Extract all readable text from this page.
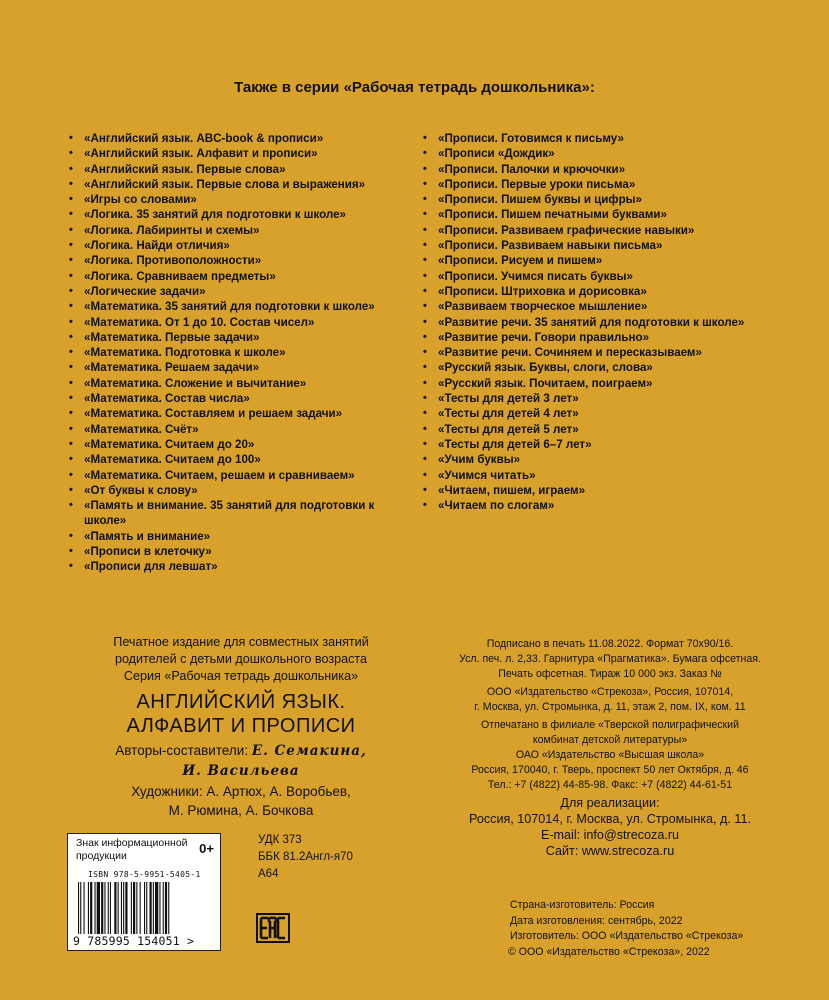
Также в серии «Рабочая тетрадь дошкольника»:
• «Английский язык. ABC-book & прописи»
• «Английский язык. Алфавит и прописи»
• «Английский язык. Первые слова»
• «Английский язык. Первые слова и выражения»
• «Игры со словами»
• «Логика. 35 занятий для подготовки к школе»
• «Логика. Лабиринты и схемы»
• «Логика. Найди отличия»
• «Логика. Противоположности»
• «Логика. Сравниваем предметы»
• «Логические задачи»
• «Математика. 35 занятий для подготовки к школе»
• «Математика. От 1 до 10. Состав чисел»
• «Математика. Первые задачи»
• «Математика. Подготовка к школе»
• «Математика. Решаем задачи»
• «Математика. Сложение и вычитание»
• «Математика. Состав числа»
• «Математика. Составляем и решаем задачи»
• «Математика. Счёт»
• «Математика. Считаем до 20»
• «Математика. Считаем до 100»
• «Математика. Считаем, решаем и сравниваем»
• «От буквы к слову»
• «Память и внимание. 35 занятий для подготовки к школе»
• «Память и внимание»
• «Прописи в клеточку»
• «Прописи для левшат»
• «Прописи. Готовимся к письму»
• «Прописи «Дождик»
• «Прописи. Палочки и крючочки»
• «Прописи. Первые уроки письма»
• «Прописи. Пишем буквы и цифры»
• «Прописи. Пишем печатными буквами»
• «Прописи. Развиваем графические навыки»
• «Прописи. Развиваем навыки письма»
• «Прописи. Рисуем и пишем»
• «Прописи. Учимся писать буквы»
• «Прописи. Штриховка и дорисовка»
• «Развиваем творческое мышление»
• «Развитие речи. 35 занятий для подготовки к школе»
• «Развитие речи. Говори правильно»
• «Развитие речи. Сочиняем и пересказываем»
• «Русский язык. Буквы, слоги, слова»
• «Русский язык. Почитаем, поиграем»
• «Тесты для детей 3 лет»
• «Тесты для детей 4 лет»
• «Тесты для детей 5 лет»
• «Тесты для детей 6–7 лет»
• «Учим буквы»
• «Учимся читать»
• «Читаем, пишем, играем»
• «Читаем по слогам»
Печатное издание для совместных занятий
родителей с детьми дошкольного возраста
Серия «Рабочая тетрадь дошкольника»
АНГЛИЙСКИЙ ЯЗЫК.
АЛФАВИТ И ПРОПИСИ
Авторы-составители: Е. Семакина,
И. Васильева
Художники: А. Артюх, А. Воробьев,
М. Рюмина, А. Бочкова
Знак информационной продукции	0+
ISBN 978-5-9951-5405-1
9 785995 154051 >
УДК 373
ББК 81.2Англ-я70
А64
Подписано в печать 11.08.2022. Формат 70х90/16.
Усл. печ. л. 2,33. Гарнитура «Прагматика». Бумага офсетная.
Печать офсетная. Тираж 10 000 экз. Заказ №
ООО «Издательство «Стрекоза», Россия, 107014,
г. Москва, ул. Стромынка, д. 11, этаж 2, пом. IX, ком. 11
Отпечатано в филиале «Тверской полиграфический
комбинат детской литературы»
ОАО «Издательство «Высшая школа»
Россия, 170040, г. Тверь, проспект 50 лет Октября, д. 46
Тел.: +7 (4822) 44-85-98. Факс: +7 (4822) 44-61-51
Для реализации:
Россия, 107014, г. Москва, ул. Стромынка, д. 11.
E-mail: info@strecoza.ru
Сайт: www.strecoza.ru
Страна-изготовитель: Россия
Дата изготовления: сентябрь, 2022
Изготовитель: ООО «Издательство «Стрекоза»
© ООО «Издательство «Стрекоза», 2022
